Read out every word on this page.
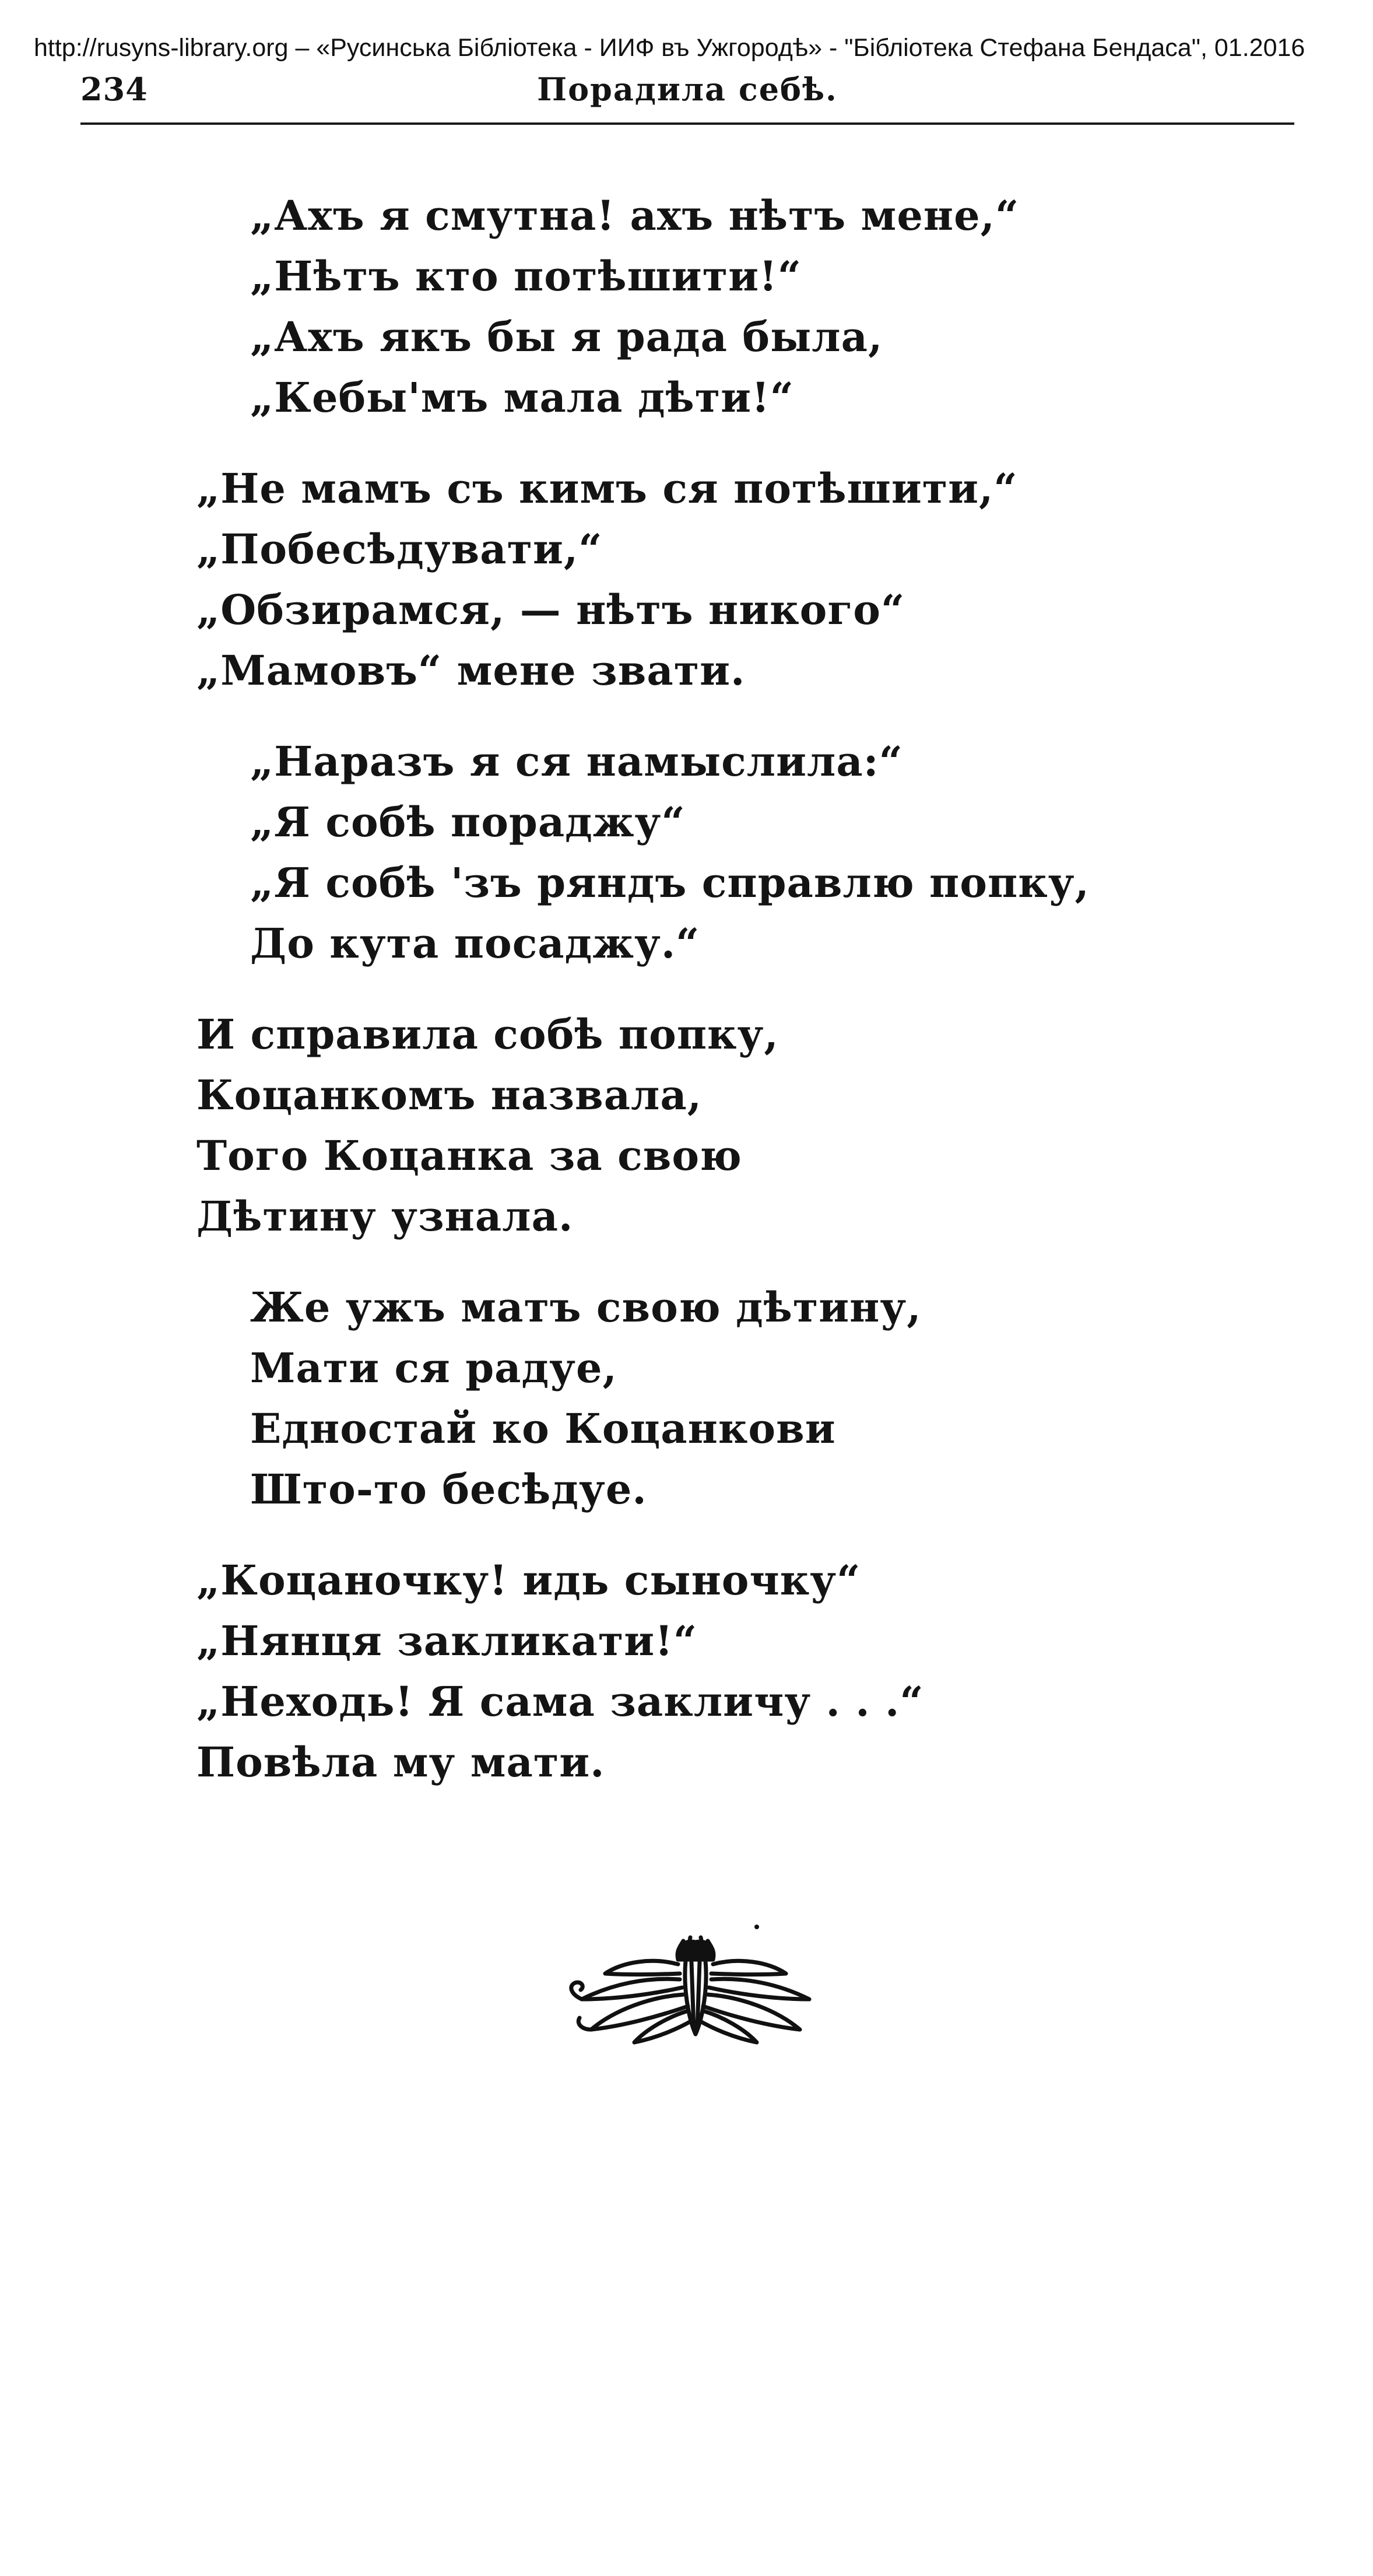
http://rusyns-library.org – «Русинська Бібліотека - ИИФ въ Ужгородѣ» - "Бібліотека Стефана Бендаса", 01.2016
234	Порадила себѣ.
„Ахъ я смутна! ахъ нѣтъ мене,“
„Нѣтъ кто потѣшити!“
„Ахъ якъ бы я рада была,
„Кебы'мъ мала дѣти!“
„Не мамъ съ кимъ ся потѣшити,“
„Побесѣдувати,“
„Обзирамся, — нѣтъ никого“
„Мамовъ“ мене звати.
„Наразъ я ся намыслила:“
„Я собѣ пораджу“
„Я собѣ 'зъ ряндъ справлю попку,
До кута посаджу.“
И справила собѣ попку,
Коцанкомъ назвала,
Того Коцанка за свою
Дѣтину узнала.
Же ужъ матъ свою дѣтину,
Мати ся радуе,
Едностай ко Коцанкови
Што-то бесѣдуе.
„Коцаночку! идь сыночку“
„Нянця закликати!“
„Неходь! Я сама закличу . . .“
Повѣла му мати.
